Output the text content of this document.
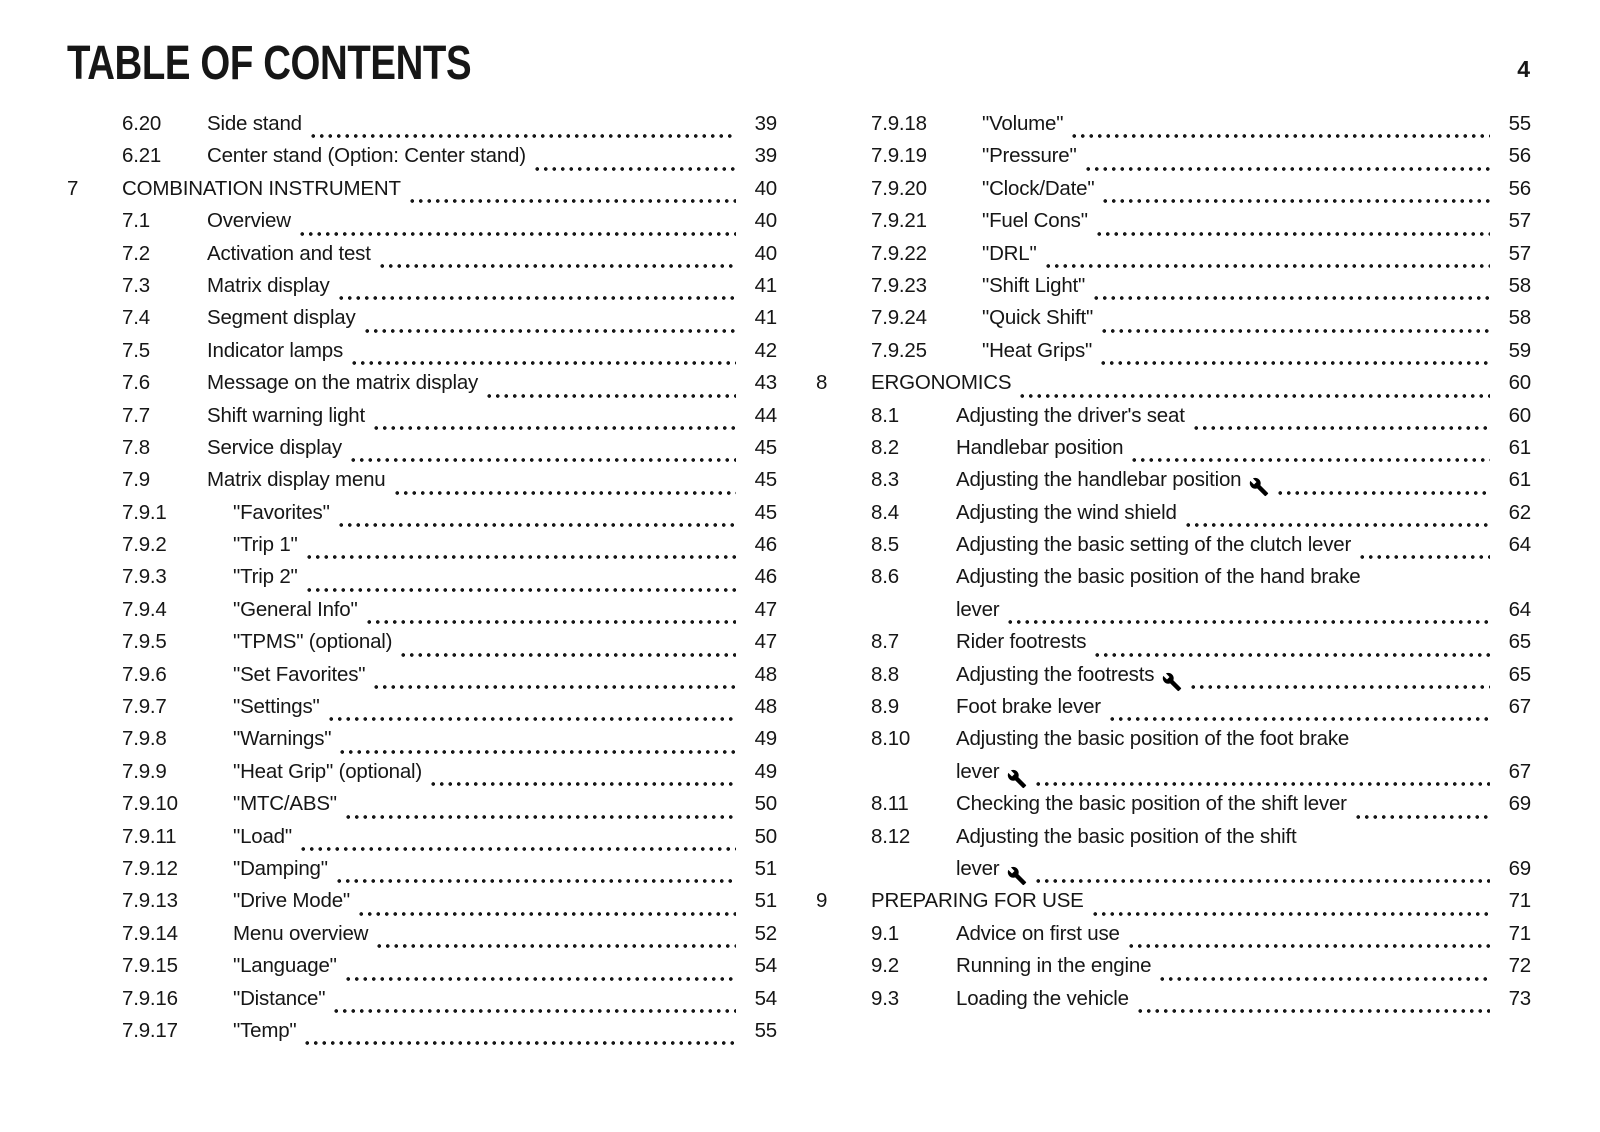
TABLE OF CONTENTS	4
6.20	Side stand	39
6.21	Center stand (Option: Center stand)	39
7	COMBINATION INSTRUMENT	40
7.1	Overview	40
7.2	Activation and test	40
7.3	Matrix display	41
7.4	Segment display	41
7.5	Indicator lamps	42
7.6	Message on the matrix display	43
7.7	Shift warning light	44
7.8	Service display	45
7.9	Matrix display menu	45
7.9.1	"Favorites"	45
7.9.2	"Trip 1"	46
7.9.3	"Trip 2"	46
7.9.4	"General Info"	47
7.9.5	"TPMS" (optional)	47
7.9.6	"Set Favorites"	48
7.9.7	"Settings"	48
7.9.8	"Warnings"	49
7.9.9	"Heat Grip" (optional)	49
7.9.10	"MTC/ABS"	50
7.9.11	"Load"	50
7.9.12	"Damping"	51
7.9.13	"Drive Mode"	51
7.9.14	Menu overview	52
7.9.15	"Language"	54
7.9.16	"Distance"	54
7.9.17	"Temp"	55
7.9.18	"Volume"	55
7.9.19	"Pressure"	56
7.9.20	"Clock/Date"	56
7.9.21	"Fuel Cons"	57
7.9.22	"DRL"	57
7.9.23	"Shift Light"	58
7.9.24	"Quick Shift"	58
7.9.25	"Heat Grips"	59
8	ERGONOMICS	60
8.1	Adjusting the driver's seat	60
8.2	Handlebar position	61
8.3	Adjusting the handlebar position	61
8.4	Adjusting the wind shield	62
8.5	Adjusting the basic setting of the clutch lever	64
8.6	Adjusting the basic position of the hand brake
lever	64
8.7	Rider footrests	65
8.8	Adjusting the footrests	65
8.9	Foot brake lever	67
8.10	Adjusting the basic position of the foot brake
lever	67
8.11	Checking the basic position of the shift lever	69
8.12	Adjusting the basic position of the shift
lever	69
9	PREPARING FOR USE	71
9.1	Advice on first use	71
9.2	Running in the engine	72
9.3	Loading the vehicle	73
